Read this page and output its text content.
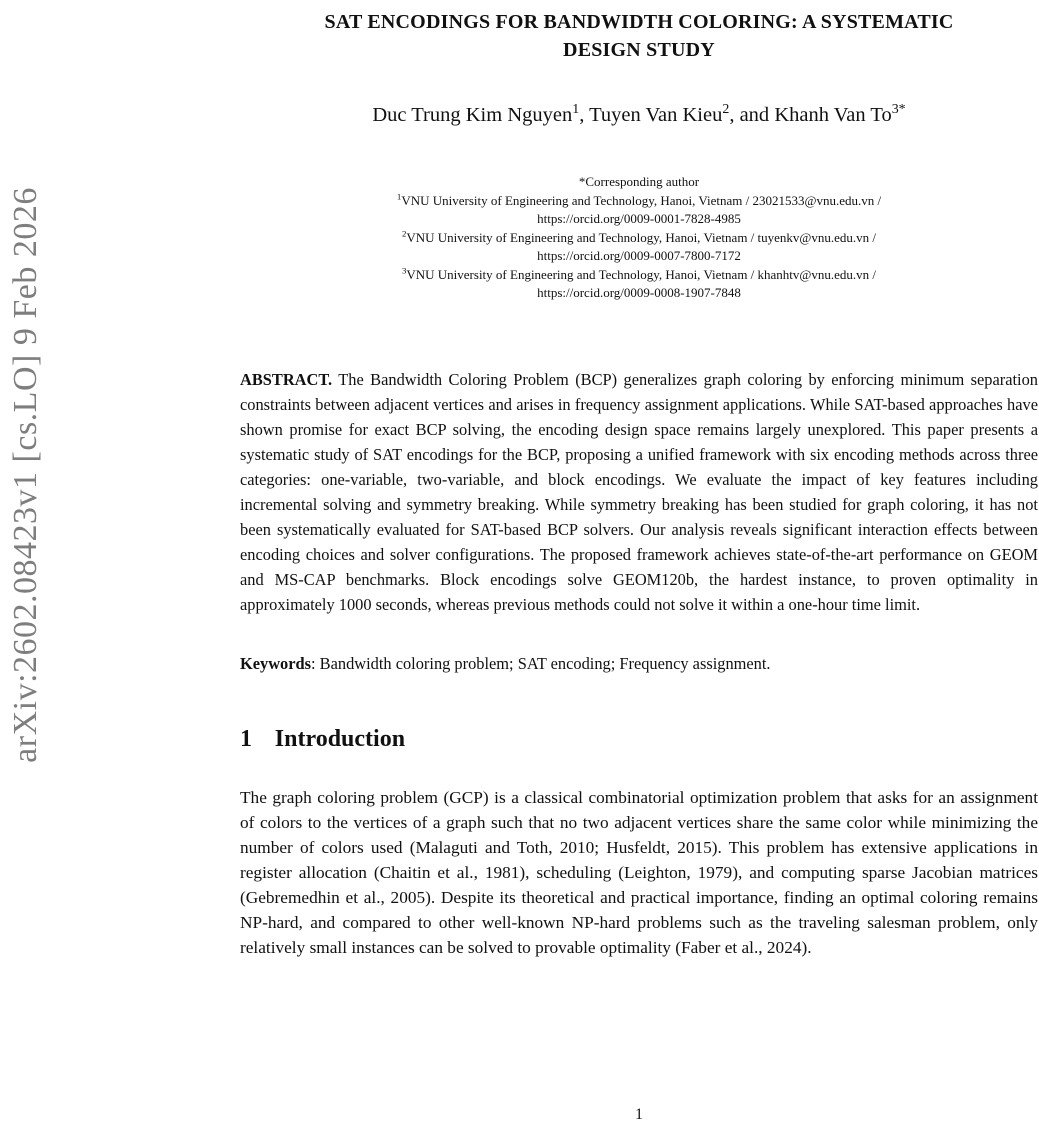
arXiv:2602.08423v1 [cs.LO] 9 Feb 2026
SAT ENCODINGS FOR BANDWIDTH COLORING: A SYSTEMATIC
DESIGN STUDY
Duc Trung Kim Nguyen$^1$, Tuyen Van Kieu$^2$, and Khanh Van $To^{3*}$

*Corresponding author

$^1$VNU University of Engineering and Technology, Hanoi, Vietnam / 23021533@vnu.edu.vn /
https://orcid.org/0009-0001-7828-4985

$^2$VNU University of Engineering and Technology, Hanoi, Vietnam / tuyenkv@vnu.edu.vn /
https://orcid.org/0009-0007-7800-7172

$^3$VNU University of Engineering and Technology, Hanoi, Vietnam / khanhtv@vnu.edu.vn /
https://orcid.org/0009-0008-1907-7848

ABSTRACT. The Bandwidth Coloring Problem (BCP) generalizes graph coloring by enforcing minimum separation constraints between adjacent vertices and arises in frequency assignment applications. While SAT-based approaches have shown promise for exact BCP solving, the encoding design space remains largely unexplored. This paper presents a systematic study of SAT encodings for the BCP, proposing a unified framework with six encoding methods across three categories: one-variable, two-variable, and block encodings. We evaluate the impact of key features including incremental solving and symmetry breaking. While symmetry breaking has been studied for graph coloring, it has not been systematically evaluated for SAT-based BCP solvers. Our analysis reveals significant interaction effects between encoding choices and solver configurations. The proposed framework achieves state-of-the-art performance on GEOM and MS-CAP benchmarks. Block encodings solve GEOM120b, the hardest instance, to proven optimality in approximately 1000 seconds, whereas previous methods could not solve it within a one-hour time limit.

Keywords: Bandwidth coloring problem; SAT encoding; Frequency assignment.

1 Introduction

The graph coloring problem (GCP) is a classical combinatorial optimization problem that asks for an assignment of colors to the vertices of a graph such that no two adjacent vertices share the same color while minimizing the number of colors used (Malaguti and Toth, 2010; Husfeldt, 2015). This problem has extensive applications in register allocation (Chaitin et al., 1981), scheduling (Leighton, 1979), and computing sparse Jacobian matrices (Gebremedhin et al., 2005). Despite its theoretical and practical importance, finding an optimal coloring remains NP-hard, and compared to other well-known NP-hard problems such as the traveling salesman problem, only relatively small instances can be solved to provable optimality (Faber et al., 2024).

1
